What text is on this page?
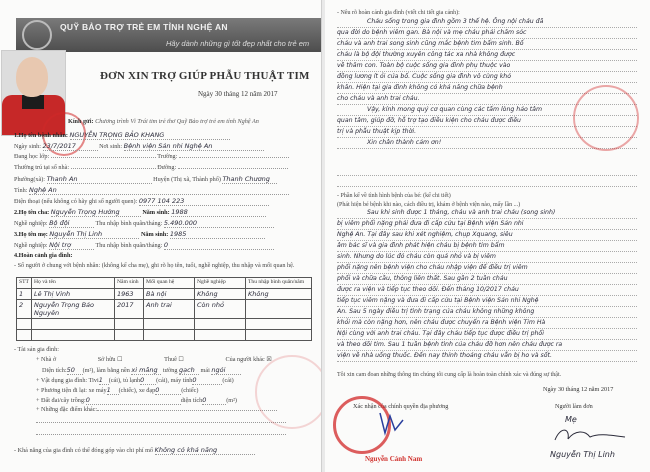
QUỸ BẢO TRỢ TRẺ EM TỈNH NGHỆ AN
Hãy dành những gì tốt đẹp nhất cho trẻ em
ĐƠN XIN TRỢ GIÚP PHẪU THUẬT TIM
Ngày 30 tháng 12 năm 2017
Kính gửi: Chương trình Vì Trái tim trẻ thơ Quỹ Bảo trợ trẻ em tỉnh Nghệ An
1.Họ tên bệnh nhân: NGUYỄN TRỌNG BẢO KHANG
Ngày sinh: 23/7/2017	Nơi sinh: Bệnh viện Sản nhi Nghệ An
Đang học lớp:	Trường:
Thường trú tại số nhà:	Đường:
Phường(xã): Thanh An	Huyện (Thị xã, Thành phố) Thanh Chương
Tỉnh: Nghệ An
Điện thoại (nếu không có hãy ghi số người quen): 0977 104 223
2.Họ tên cha: Nguyễn Trọng Hướng	Năm sinh: 1988
Nghề nghiệp: Bộ đội	Thu nhập bình quân/tháng: 5.490.000
3.Họ tên mẹ: Nguyễn Thị Linh	Năm sinh: 1985
Nghề nghiệp: Nội trợ	Thu nhập bình quân/tháng: 0
4.Hoàn cảnh gia đình:
- Số người ở chung với bệnh nhân: (không kể cha mẹ), ghi rõ họ tên, tuổi, nghề nghiệp, thu nhập và mối quan hệ.
STT	Họ và tên	Năm sinh	Mối quan hệ	Nghề nghiệp	Thu nhập bình quân/năm
1	Lê Thị Vinh	1963	Bà nội	Không	Không
2	Nguyễn Trọng Bảo Nguyên	2017	Anh trai	Còn nhỏ	

- Tài sản gia đình:
+ Nhà ở	Sở hữu ☐	Thuê ☐	Của người khác ☒
Diện tích:50 (m²), làm bằng nền xi măng tường gạch mái ngói
+ Vật dụng gia đình: Tivi1 (cái), tủ lạnh0 (cái), máy tính0	(cái)
+ Phương tiện đi lại: xe máy1 (chiếc), xe đạp0	(chiếc)
+ Đất đai/cây trồng:0	diện tích0	(m²)
+ Những đặc điểm khác:
- Khả năng của gia đình có thể đóng góp vào chi phí mổ Không có khả năng
- Nêu rõ hoàn cảnh gia đình (viết chi tiết gia cảnh):
Cháu sống trong gia đình gồm 3 thế hệ. Ông nội cháu đã
qua đời do bệnh viêm gan. Bà nội và mẹ cháu phải chăm sóc
cháu và anh trai song sinh cũng mắc bệnh tim bẩm sinh. Bố
cháu là bộ đội thường xuyên công tác xa nhà không được
về thăm con. Toàn bộ cuộc sống gia đình phụ thuộc vào
đồng lương ít ỏi của bố. Cuộc sống gia đình vô cùng khó
khăn. Hiện tại gia đình không có khả năng chữa bệnh
cho cháu và anh trai cháu.
Vậy, kính mong quý cơ quan cùng các tấm lòng hảo tâm
quan tâm, giúp đỡ, hỗ trợ tạo điều kiện cho cháu được điều
trị và phẫu thuật kịp thời.
Xin chân thành cảm ơn!
- Phần kể về tình hình bệnh của bé: (kể chi tiết)
(Phát hiện bé bệnh khi nào, cách điều trị, khám ở bệnh viện nào, mấy lần ...)
Sau khi sinh được 1 tháng, cháu và anh trai cháu (song sinh)
bị viêm phổi nặng phải đưa đi cấp cứu tại Bệnh viện Sản nhi
Nghệ An. Tại đây sau khi xét nghiệm, chụp Xquang, siêu
âm bác sĩ và gia đình phát hiện cháu bị bệnh tim bẩm
sinh. Nhưng do lúc đó cháu còn quá nhỏ và bị viêm
phổi nặng nên bệnh viện cho cháu nhập viện để điều trị viêm
phổi và chữa cầu, thông liên thất. Sau gần 2 tuần cháu
được ra viện và tiếp tục theo dõi. Đến tháng 10/2017 cháu
tiếp tục viêm nặng và đưa đi cấp cứu tại Bệnh viện Sản nhi Nghệ
An. Sau 5 ngày điều trị tình trạng của cháu không những không
khỏi mà còn nặng hơn, nên cháu được chuyển ra Bệnh viện Tim Hà
Nội cùng với anh trai cháu. Tại đây cháu tiếp tục được điều trị phổi
và theo dõi tim. Sau 1 tuần bệnh tình của cháu đỡ hơn nên cháu được ra
viện về nhà uống thuốc. Đến nay thỉnh thoảng cháu vẫn bị ho và sốt.
Tôi xin cam đoan những thông tin chúng tôi cung cấp là hoàn toàn chính xác và đúng sự thật.
Ngày 30 tháng 12 năm 2017
Xác nhận của chính quyền địa phương
Nguyễn Cảnh Nam
Người làm đơn
Mẹ
Nguyễn Thị Linh
